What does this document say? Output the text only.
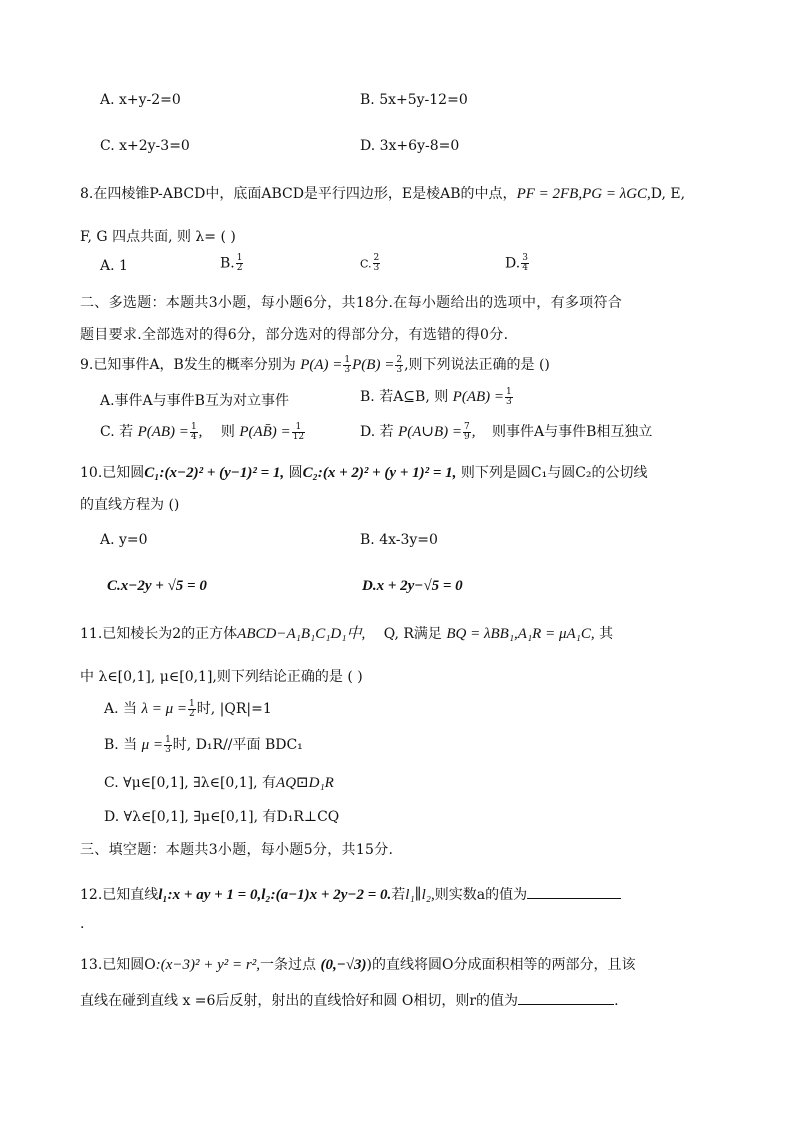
A. x+y-2=0	B. 5x+5y-12=0
C. x+2y-3=0	D. 3x+6y-8=0
8.在四棱锥P-ABCD中，底面ABCD是平行四边形，E是棱AB的中点，PF = 2FB,PG = λGC,D, E,
F, G 四点共面, 则 λ= ( )
A. 1	B. $\frac{1}{2}$	C. $\frac{2}{3}$	D. $\frac{3}{4}$
二、多选题：本题共3小题，每小题6分，共18分.在每小题给出的选项中，有多项符合
题目要求.全部选对的得6分，部分选对的得部分分，有选错的得0分.
9.已知事件A，B发生的概率分别为 $P(A) = \frac{1}{3} P(B) = \frac{2}{3}$ ,则下列说法正确的是 ()
A.事件A与事件B互为对立事件	B. 若A⊆B, 则 $P(AB) = \frac{1}{3}$
C. 若 $P(AB) = \frac{1}{4}$ , 则 P(AB̄) = $\frac{1}{12}$	D. 若 P(A∪B) = $\frac{7}{9}$ , 则事件A与事件B相互独立
10.已知圆C₁:(x−2)² + (y−1)² = 1, 圆C₂:(x + 2)² + (y + 1)² = 1, 则下列是圆C₁与圆C₂的公切线
的直线方程为 ()
A. y=0	B. 4x-3y=0
C.x−2y + √5 = 0	D.x + 2y−√5 = 0
11.已知棱长为2的正方体ABCD−A₁B₁C₁D₁中, Q, R满足 BQ = λBB₁,A₁R = μA₁C, 其
中 λ∈[0,1], μ∈[0,1],则下列结论正确的是 ( )
A. 当 $\lambda = \mu = \frac{1}{2}$ 时, |QR|=1
B. 当 $\mu = \frac{1}{3}$ 时, D₁R//平面 BDC₁
C. ∀μ∈[0,1], ∃λ∈[0,1], 有AQ⊡D₁R
D. ∀λ∈[0,1], ∃μ∈[0,1], 有D₁R⊥CQ
三、填空题：本题共3小题，每小题5分，共15分.
12.已知直线l₁:x + ay + 1 = 0,l₂:(a−1)x + 2y−2 = 0.若l₁∥l₂,则实数a的值为
.
13.已知圆O:(x−3)² + y² = r²,一条过点 (0,−√3))的直线将圆O分成面积相等的两部分，且该
直线在碰到直线 x =6后反射，射出的直线恰好和圆 O相切，则r的值为	.
